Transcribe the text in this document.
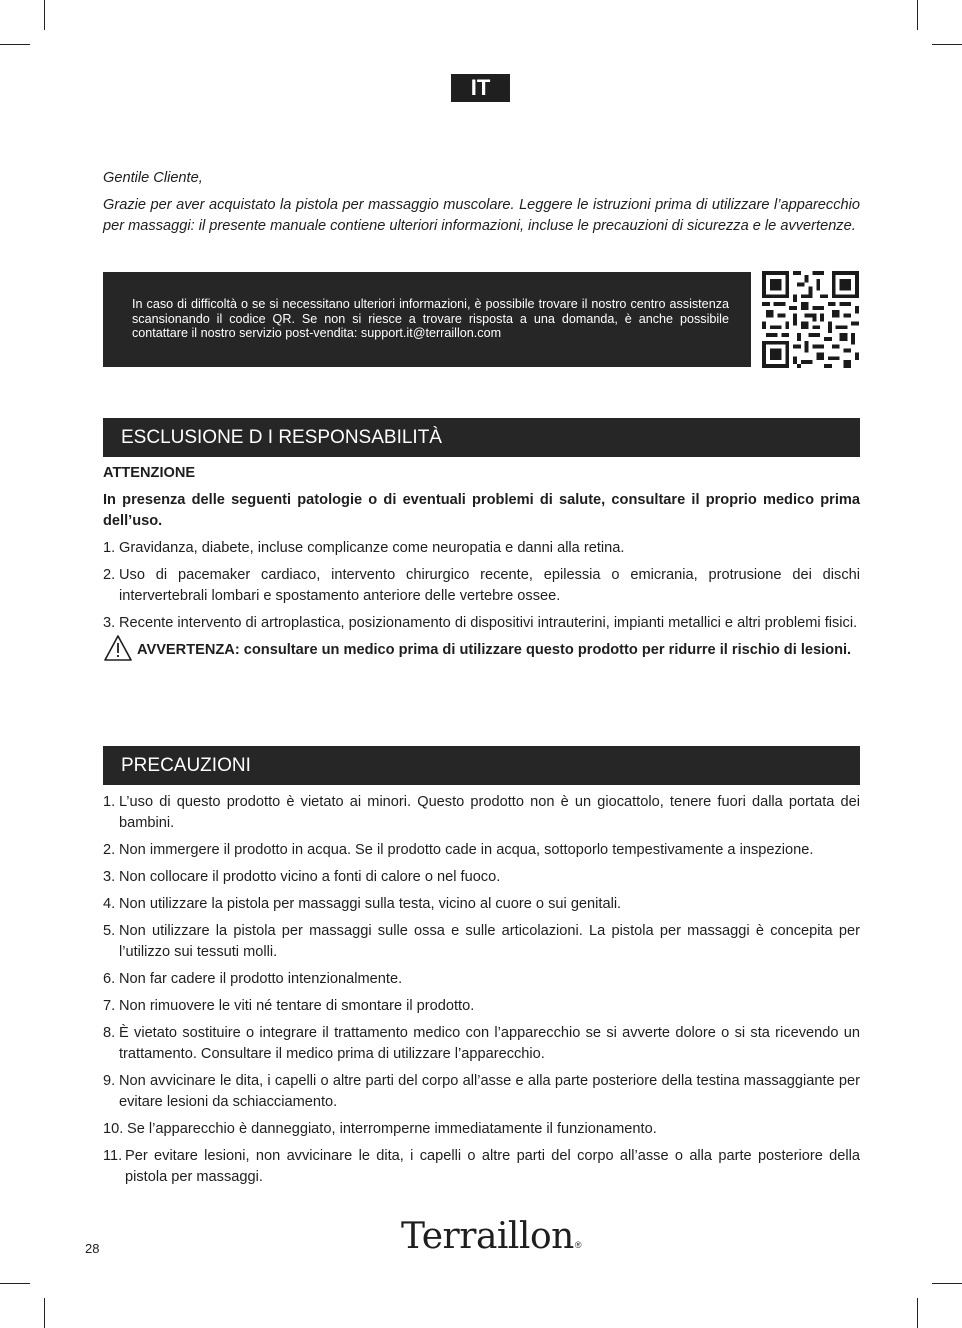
IT

Gentile Cliente,

Grazie per aver acquistato la pistola per massaggio muscolare. Leggere le istruzioni prima di utilizzare l’apparecchio per massaggi: il presente manuale contiene ulteriori informazioni, incluse le precauzioni di sicurezza e le avvertenze.

In caso di difficoltà o se si necessitano ulteriori informazioni, è possibile trovare il nostro centro assistenza scansionando il codice QR. Se non si riesce a trovare risposta a una domanda, è anche possibile contattare il nostro servizio post-vendita: support.it@terraillon.com

ESCLUSIONE D I RESPONSABILITÀ

ATTENZIONE

In presenza delle seguenti patologie o di eventuali problemi di salute, consultare il proprio medico prima dell’uso.

1. Gravidanza, diabete, incluse complicanze come neuropatia e danni alla retina.
2. Uso di pacemaker cardiaco, intervento chirurgico recente, epilessia o emicrania, protrusione dei dischi intervertebrali lombari e spostamento anteriore delle vertebre ossee.
3. Recente intervento di artroplastica, posizionamento di dispositivi intrauterini, impianti metallici e altri problemi fisici.
AVVERTENZA: consultare un medico prima di utilizzare questo prodotto per ridurre il rischio di lesioni.
PRECAUZIONI
1. L’uso di questo prodotto è vietato ai minori. Questo prodotto non è un giocattolo, tenere fuori dalla portata dei bambini.
2. Non immergere il prodotto in acqua. Se il prodotto cade in acqua, sottoporlo tempestivamente a inspezione.
3. Non collocare il prodotto vicino a fonti di calore o nel fuoco.
4. Non utilizzare la pistola per massaggi sulla testa, vicino al cuore o sui genitali.
5. Non utilizzare la pistola per massaggi sulle ossa e sulle articolazioni. La pistola per massaggi è concepita per l’utilizzo sui tessuti molli.
6. Non far cadere il prodotto intenzionalmente.
7. Non rimuovere le viti né tentare di smontare il prodotto.
8. È vietato sostituire o integrare il trattamento medico con l’apparecchio se si avverte dolore o si sta ricevendo un trattamento. Consultare il medico prima di utilizzare l’apparecchio.
9. Non avvicinare le dita, i capelli o altre parti del corpo all’asse e alla parte posteriore della testina massaggiante per evitare lesioni da schiacciamento.
10. Se l’apparecchio è danneggiato, interromperne immediatamente il funzionamento.
11. Per evitare lesioni, non avvicinare le dita, i capelli o altre parti del corpo all’asse o alla parte posteriore della pistola per massaggi.
28	Terraillon®
